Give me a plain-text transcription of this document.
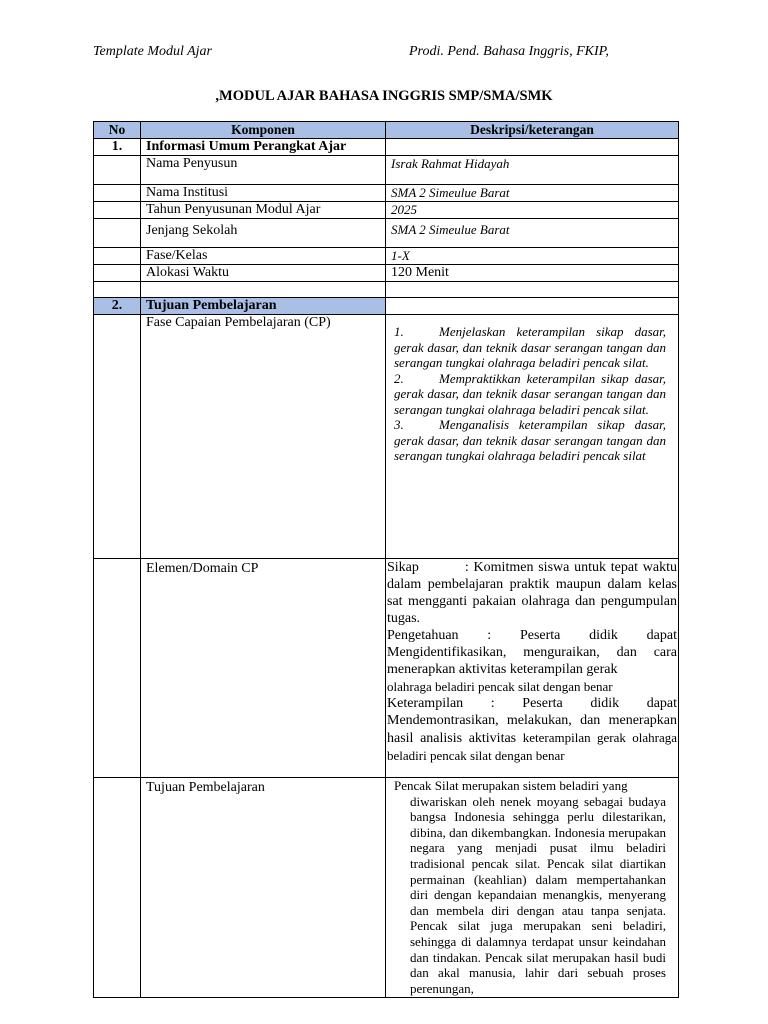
Template Modul Ajar	Prodi. Pend. Bahasa Inggris, FKIP,
,MODUL AJAR BAHASA INGGRIS SMP/SMA/SMK
No	Komponen	Deskripsi/keterangan
1.	Informasi Umum Perangkat Ajar	
	Nama Penyusun	Israk Rahmat Hidayah
	Nama Institusi	SMA 2 Simeulue Barat
	Tahun Penyusunan Modul Ajar	2025
	Jenjang Sekolah	SMA 2 Simeulue Barat
	Fase/Kelas	1-X
	Alokasi Waktu	120 Menit

2.	Tujuan Pembelajaran	
	Fase Capaian Pembelajaran (CP)	1. Menjelaskan keterampilan sikap dasar, gerak dasar, dan teknik dasar serangan tangan dan serangan tungkai olahraga beladiri pencak silat.

2. Mempraktikkan keterampilan sikap dasar, gerak dasar, dan teknik dasar serangan tangan dan serangan tungkai olahraga beladiri pencak silat.

3. Menganalisis keterampilan sikap dasar, gerak dasar, dan teknik dasar serangan tangan dan serangan tungkai olahraga beladiri pencak silat

	Elemen/Domain CP	Sikap : Komitmen siswa untuk tepat waktu dalam pembelajaran praktik maupun dalam kelas sat mengganti pakaian olahraga dan pengumpulan tugas.

Pengetahuan : Peserta didik dapat Mengidentifikasikan, menguraikan, dan cara menerapkan aktivitas keterampilan gerak

olahraga beladiri pencak silat dengan benar

Keterampilan : Peserta didik dapat Mendemontrasikan, melakukan, dan menerapkan hasil analisis aktivitas keterampilan gerak olahraga beladiri pencak silat dengan benar

	Tujuan Pembelajaran	Pencak Silat merupakan sistem beladiri yang
diwariskan oleh nenek moyang sebagai budaya bangsa Indonesia sehingga perlu dilestarikan, dibina, dan dikembangkan. Indonesia merupakan negara yang menjadi pusat ilmu beladiri tradisional pencak silat. Pencak silat diartikan permainan (keahlian) dalam mempertahankan diri dengan kepandaian menangkis, menyerang dan membela diri dengan atau tanpa senjata. Pencak silat juga merupakan seni beladiri, sehingga di dalamnya terdapat unsur keindahan dan tindakan. Pencak silat merupakan hasil budi dan akal manusia, lahir dari sebuah proses perenungan,
